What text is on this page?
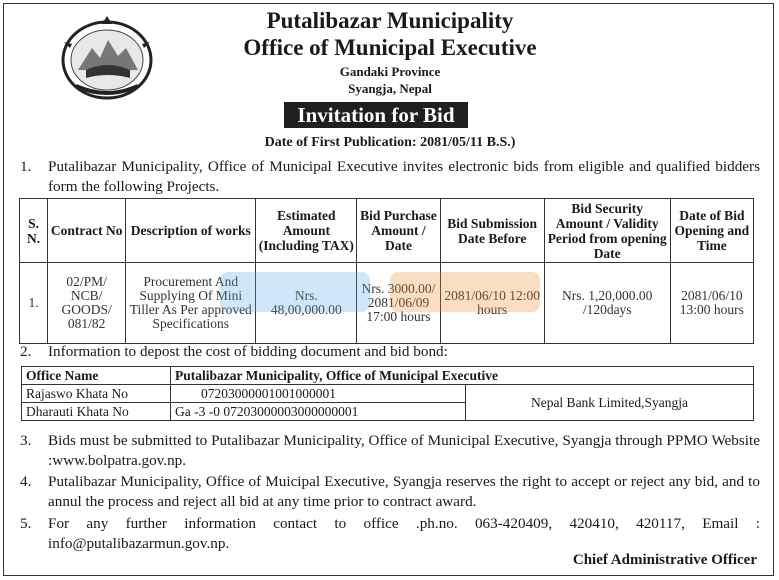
Putalibazar Municipality
Office of Municipal Executive
Gandaki Province
Syangja, Nepal
Invitation for Bid
Date of First Publication: 2081/05/11 B.S.)
1.	Putalibazar Municipality, Office of Municipal Executive invites electronic bids from eligible and qualified bidders form the following Projects.
S. N.	Contract No	Description of works	Estimated Amount (Including TAX)	Bid Purchase Amount / Date	Bid Submission Date Before	Bid Security Amount / Validity Period from opening Date	Date of Bid Opening and Time
1.	02/PM/ NCB/ GOODS/ 081/82	Procurement And Supplying Of Mini Tiller As Per approved Specifications	Nrs. 48,00,000.00	Nrs. 3000.00/ 2081/06/09 17:00 hours	2081/06/10 12:00 hours	Nrs. 1,20,000.00 /120days	2081/06/10 13:00 hours
2.	Information to depost the cost of bidding document and bid bond:
Office Name	Putalibazar Municipality, Office of Municipal Executive	
Rajaswo Khata No	07203000001001000001	Nepal Bank Limited,Syangja
Dharauti Khata No	Ga -3 -0 07203000003000000001	
3.	Bids must be submitted to Putalibazar Municipality, Office of Municipal Executive, Syangja through PPMO Website :www.bolpatra.gov.np.
4.	Putalibazar Municipality, Office of Muicipal Executive, Syangja reserves the right to accept or reject any bid, and to annul the process and reject all bid at any time prior to contract award.
5.	For any further information contact to office .ph.no. 063-420409, 420410, 420117, Email : info@putalibazarmun.gov.np.
Chief Administrative Officer
